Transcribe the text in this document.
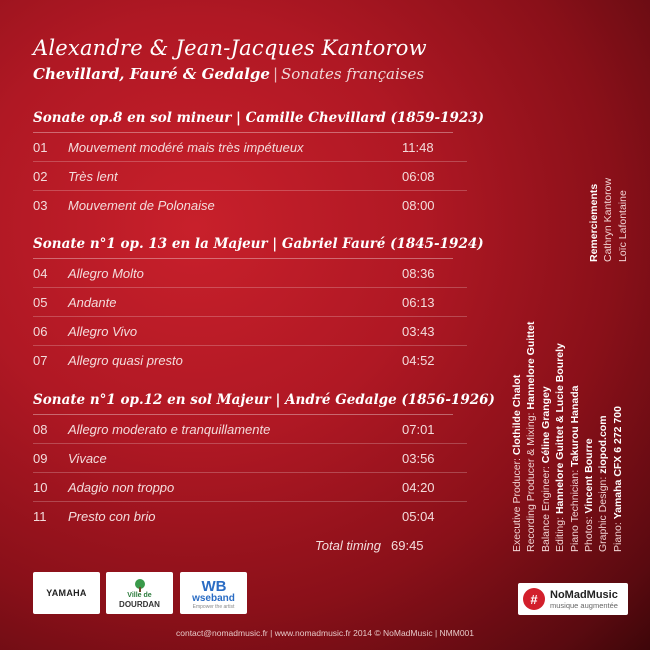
Alexandre & Jean-Jacques Kantorow
Chevillard, Fauré & Gedalge | Sonates françaises
Sonate op.8 en sol mineur | Camille Chevillard (1859-1923)
01 Mouvement modéré mais très impétueux	11:48
02 Très lent	06:08
03 Mouvement de Polonaise	08:00
Sonate n°1 op. 13 en la Majeur | Gabriel Fauré (1845-1924)
04 Allegro Molto	08:36
05 Andante	06:13
06 Allegro Vivo	03:43
07 Allegro quasi presto	04:52
Sonate n°1 op.12 en sol Majeur | André Gedalge (1856-1926)
08 Allegro moderato e tranquillamente	07:01
09 Vivace	03:56
10 Adagio non troppo	04:20
11 Presto con brio	05:04
Total timing 69:45	Executive Producer: Clothilde Chalot Recording Producer & Mixing: Hannelore Guittet
Balance Engineer: Céline Grangey
Editing: Hannelore Guittet & Lucie Bourely Piano Technician: Takurou Hanada
Photos: Vincent Bourre Graphic Design: ziopod.com
Piano: Yamaha CFX 6 272 700
Remerciements Cathryn Kantorow Loïc Lafontaine
YAMAHA	Ville de
DOURDAN
WB
wseband
Empower the artist	#	NoMadMusic
musique augmentée
contact@nomadmusic.fr | www.nomadmusic.fr 2014 © NoMadMusic | NMM001
